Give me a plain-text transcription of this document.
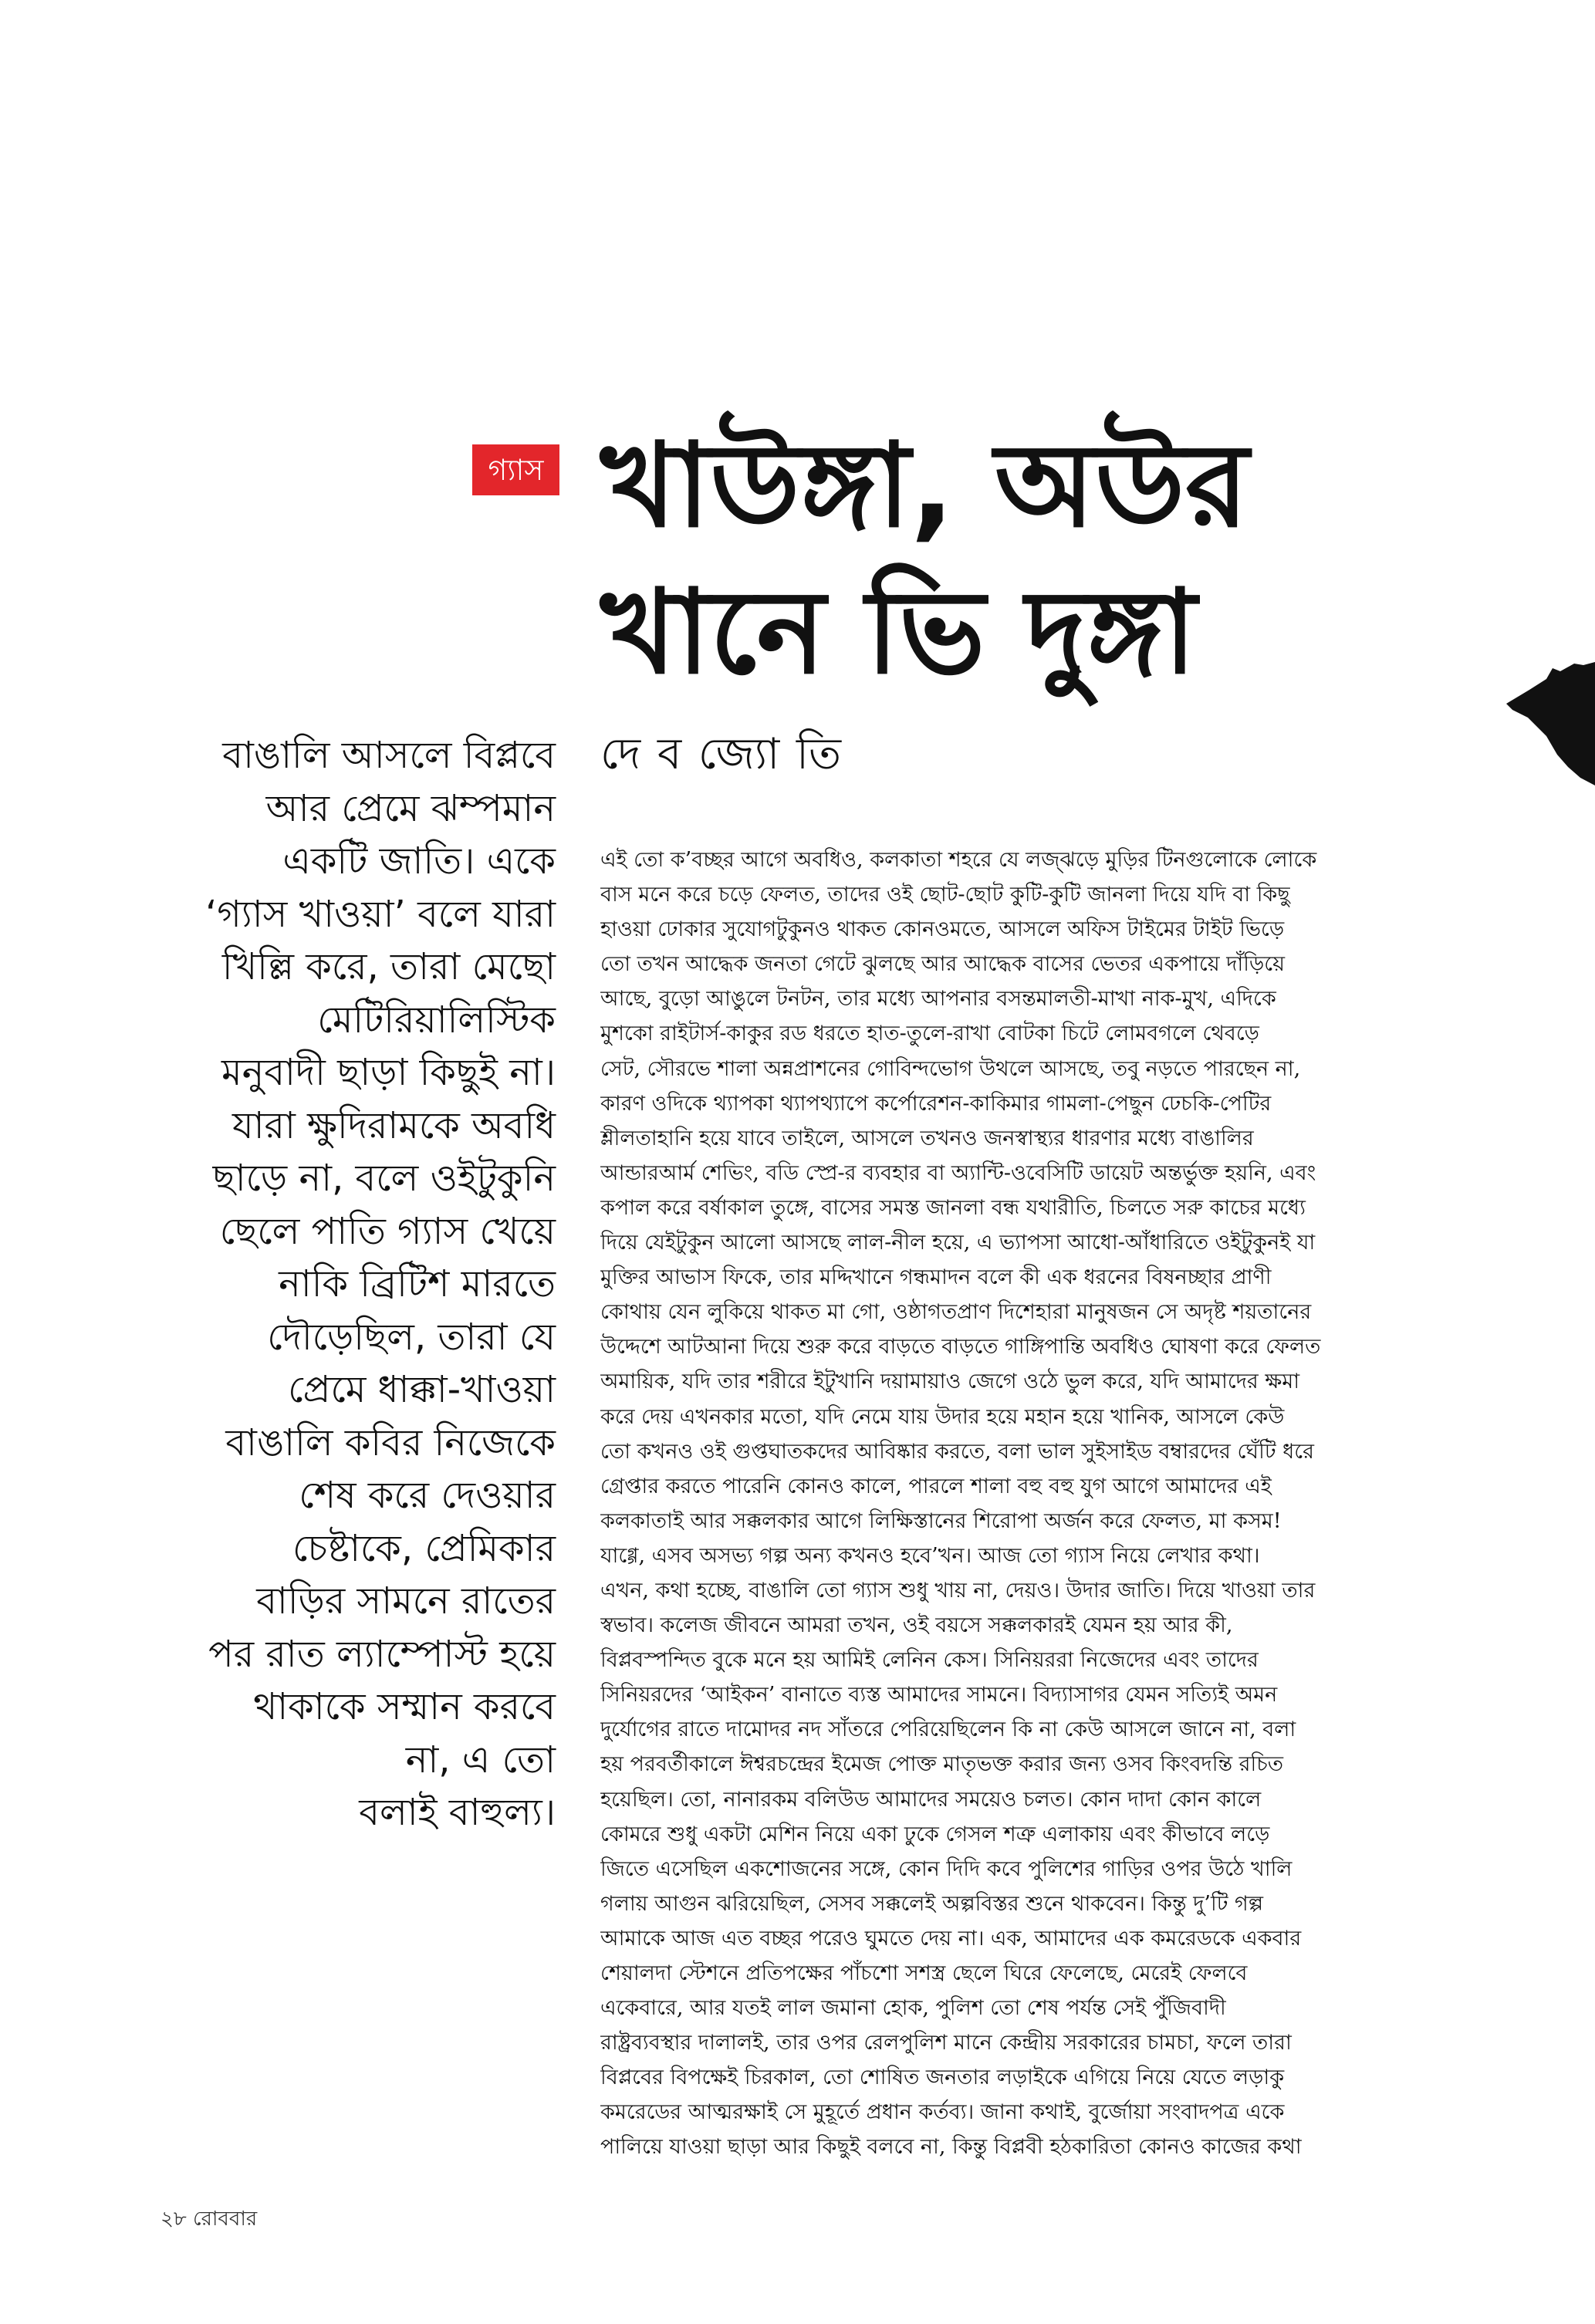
গ্যাস খাউঙ্গা, অউর
খানে ভি দুঙ্গা
দে ব জ্যো তি
বাঙালি আসলে বিপ্লবে
আর প্রেমে ঝম্পমান
একটি জাতি। একে
‘গ্যাস খাওয়া’ বলে যারা
খিল্লি করে, তারা মেছো
মেটিরিয়ালিস্টিক
মনুবাদী ছাড়া কিছুই না।
যারা ক্ষুদিরামকে অবধি
ছাড়ে না, বলে ওইটুকুনি
ছেলে পাতি গ্যাস খেয়ে
নাকি ব্রিটিশ মারতে
দৌড়েছিল, তারা যে
প্রেমে ধাক্কা-খাওয়া
বাঙালি কবির নিজেকে
শেষ করে দেওয়ার
চেষ্টাকে, প্রেমিকার
বাড়ির সামনে রাতের
পর রাত ল্যাম্পোস্ট হয়ে
থাকাকে সম্মান করবে
না, এ তো
বলাই বাহুল্য।
এই তো ক’বচ্ছর আগে অবধিও, কলকাতা শহরে যে লজ্‌ঝড়ে মুড়ির টিনগুলোকে লোকে
বাস মনে করে চড়ে ফেলত, তাদের ওই ছোট-ছোট কুটি-কুটি জানলা দিয়ে যদি বা কিছু
হাওয়া ঢোকার সুযোগটুকুনও থাকত কোনওমতে, আসলে অফিস টাইমের টাইট ভিড়ে
তো তখন আদ্ধেক জনতা গেটে ঝুলছে আর আদ্ধেক বাসের ভেতর একপায়ে দাঁড়িয়ে
আছে, বুড়ো আঙুলে টনটন, তার মধ্যে আপনার বসন্তমালতী-মাখা নাক-মুখ, এদিকে
মুশকো রাইটার্স-কাকুর রড ধরতে হাত-তুলে-রাখা বোটকা চিটে লোমবগলে থেবড়ে
সেট, সৌরভে শালা অন্নপ্রাশনের গোবিন্দভোগ উথলে আসছে, তবু নড়তে পারছেন না,
কারণ ওদিকে থ্যাপকা থ্যাপথ্যাপে কর্পোরেশন-কাকিমার গামলা-পেছুন ঢেচকি-পেটির
শ্লীলতাহানি হয়ে যাবে তাইলে, আসলে তখনও জনস্বাস্থ্যর ধারণার মধ্যে বাঙালির
আন্ডারআর্ম শেভিং, বডি স্প্রে-র ব্যবহার বা অ্যান্টি-ওবেসিটি ডায়েট অন্তর্ভুক্ত হয়নি, এবং
কপাল করে বর্ষাকাল তুঙ্গে, বাসের সমস্ত জানলা বন্ধ যথারীতি, চিলতে সরু কাচের মধ্যে
দিয়ে যেইটুকুন আলো আসছে লাল-নীল হয়ে, এ ভ্যাপসা আধো-আঁধারিতে ওইটুকুনই যা
মুক্তির আভাস ফিকে, তার মদ্দিখানে গন্ধমাদন বলে কী এক ধরনের বিষনচ্ছার প্রাণী
কোথায় যেন লুকিয়ে থাকত মা গো, ওষ্ঠাগতপ্রাণ দিশেহারা মানুষজন সে অদৃষ্ট শয়তানের
উদ্দেশে আটআনা দিয়ে শুরু করে বাড়তে বাড়তে গাঙ্গিপান্তি অবধিও ঘোষণা করে ফেলত
অমায়িক, যদি তার শরীরে ইটুখানি দয়ামায়াও জেগে ওঠে ভুল করে, যদি আমাদের ক্ষমা
করে দেয় এখনকার মতো, যদি নেমে যায় উদার হয়ে মহান হয়ে খানিক, আসলে কেউ
তো কখনও ওই গুপ্তঘাতকদের আবিষ্কার করতে, বলা ভাল সুইসাইড বম্বারদের ঘেঁটি ধরে
গ্রেপ্তার করতে পারেনি কোনও কালে, পারলে শালা বহু বহু যুগ আগে আমাদের এই
কলকাতাই আর সক্কলকার আগে লিক্ষিস্তানের শিরোপা অর্জন করে ফেলত, মা কসম!
যাগ্গে, এসব অসভ্য গল্প অন্য কখনও হবে’খন। আজ তো গ্যাস নিয়ে লেখার কথা।
এখন, কথা হচ্ছে, বাঙালি তো গ্যাস শুধু খায় না, দেয়ও। উদার জাতি। দিয়ে খাওয়া তার
স্বভাব। কলেজ জীবনে আমরা তখন, ওই বয়সে সক্কলকারই যেমন হয় আর কী,
বিপ্লবস্পন্দিত বুকে মনে হয় আমিই লেনিন কেস। সিনিয়ররা নিজেদের এবং তাদের
সিনিয়রদের ‘আইকন’ বানাতে ব্যস্ত আমাদের সামনে। বিদ্যাসাগর যেমন সত্যিই অমন
দুর্যোগের রাতে দামোদর নদ সাঁতরে পেরিয়েছিলেন কি না কেউ আসলে জানে না, বলা
হয় পরবর্তীকালে ঈশ্বরচন্দ্রের ইমেজ পোক্ত মাতৃভক্ত করার জন্য ওসব কিংবদন্তি রচিত
হয়েছিল। তো, নানারকম বলিউড আমাদের সময়েও চলত। কোন দাদা কোন কালে
কোমরে শুধু একটা মেশিন নিয়ে একা ঢুকে গেসল শত্রু এলাকায় এবং কীভাবে লড়ে
জিতে এসেছিল একশোজনের সঙ্গে, কোন দিদি কবে পুলিশের গাড়ির ওপর উঠে খালি
গলায় আগুন ঝরিয়েছিল, সেসব সক্কলেই অল্পবিস্তর শুনে থাকবেন। কিন্তু দু’টি গল্প
আমাকে আজ এত বচ্ছর পরেও ঘুমতে দেয় না। এক, আমাদের এক কমরেডকে একবার
শেয়ালদা স্টেশনে প্রতিপক্ষের পাঁচশো সশস্ত্র ছেলে ঘিরে ফেলেছে, মেরেই ফেলবে
একেবারে, আর যতই লাল জমানা হোক, পুলিশ তো শেষ পর্যন্ত সেই পুঁজিবাদী
রাষ্ট্রব্যবস্থার দালালই, তার ওপর রেলপুলিশ মানে কেন্দ্রীয় সরকারের চামচা, ফলে তারা
বিপ্লবের বিপক্ষেই চিরকাল, তো শোষিত জনতার লড়াইকে এগিয়ে নিয়ে যেতে লড়াকু
কমরেডের আত্মরক্ষাই সে মুহূর্তে প্রধান কর্তব্য। জানা কথাই, বুর্জোয়া সংবাদপত্র একে
পালিয়ে যাওয়া ছাড়া আর কিছুই বলবে না, কিন্তু বিপ্লবী হঠকারিতা কোনও কাজের কথা
২৮ রোববার
